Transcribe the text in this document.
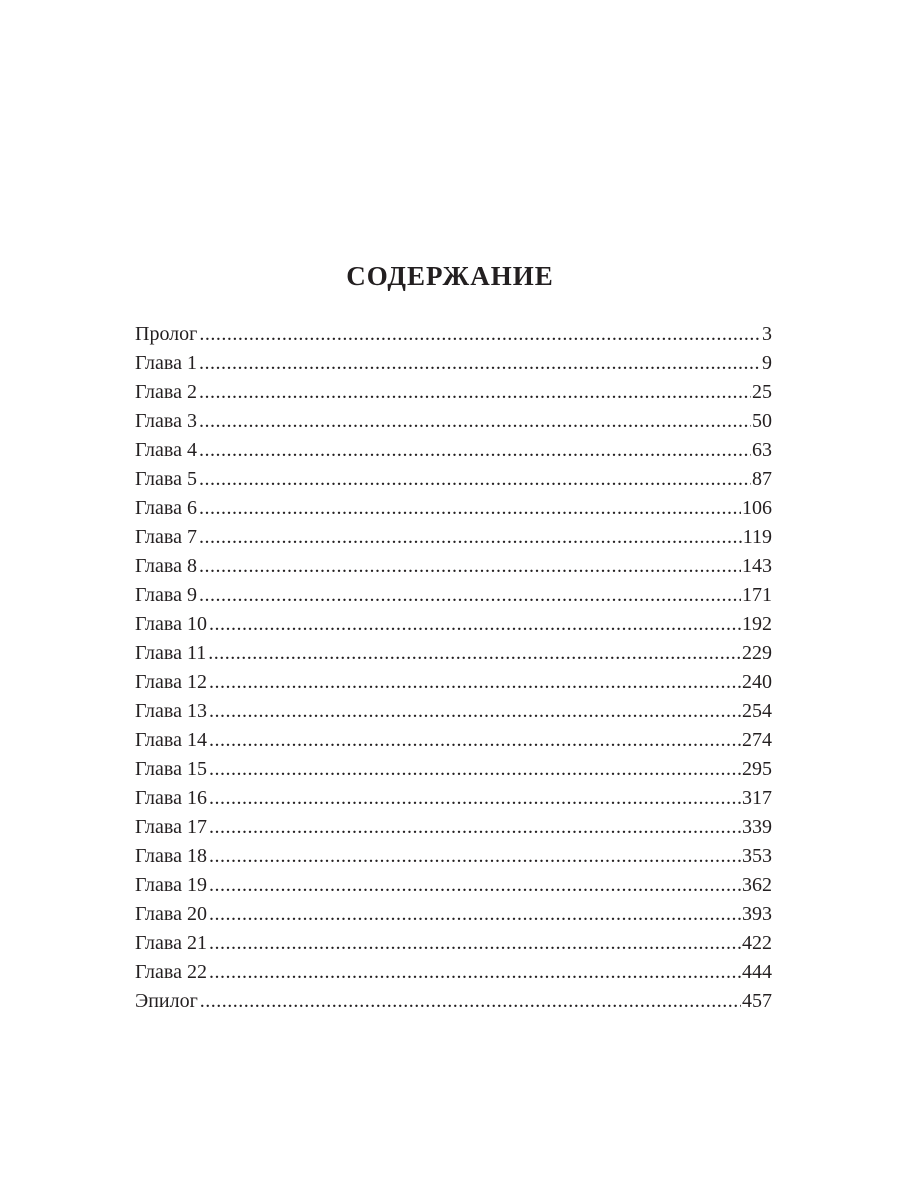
СОДЕРЖАНИЕ
Пролог .....	3
Глава 1 .....	9
Глава 2 .....	25
Глава 3 .....	50
Глава 4 .....	63
Глава 5 .....	87
Глава 6 .....	106
Глава 7 .....	119
Глава 8 .....	143
Глава 9 .....	171
Глава 10 .....	192
Глава 11 .....	229
Глава 12 .....	240
Глава 13 .....	254
Глава 14 .....	274
Глава 15 .....	295
Глава 16 .....	317
Глава 17 .....	339
Глава 18 .....	353
Глава 19 .....	362
Глава 20 .....	393
Глава 21 .....	422
Глава 22 .....	444
Эпилог .....	457
